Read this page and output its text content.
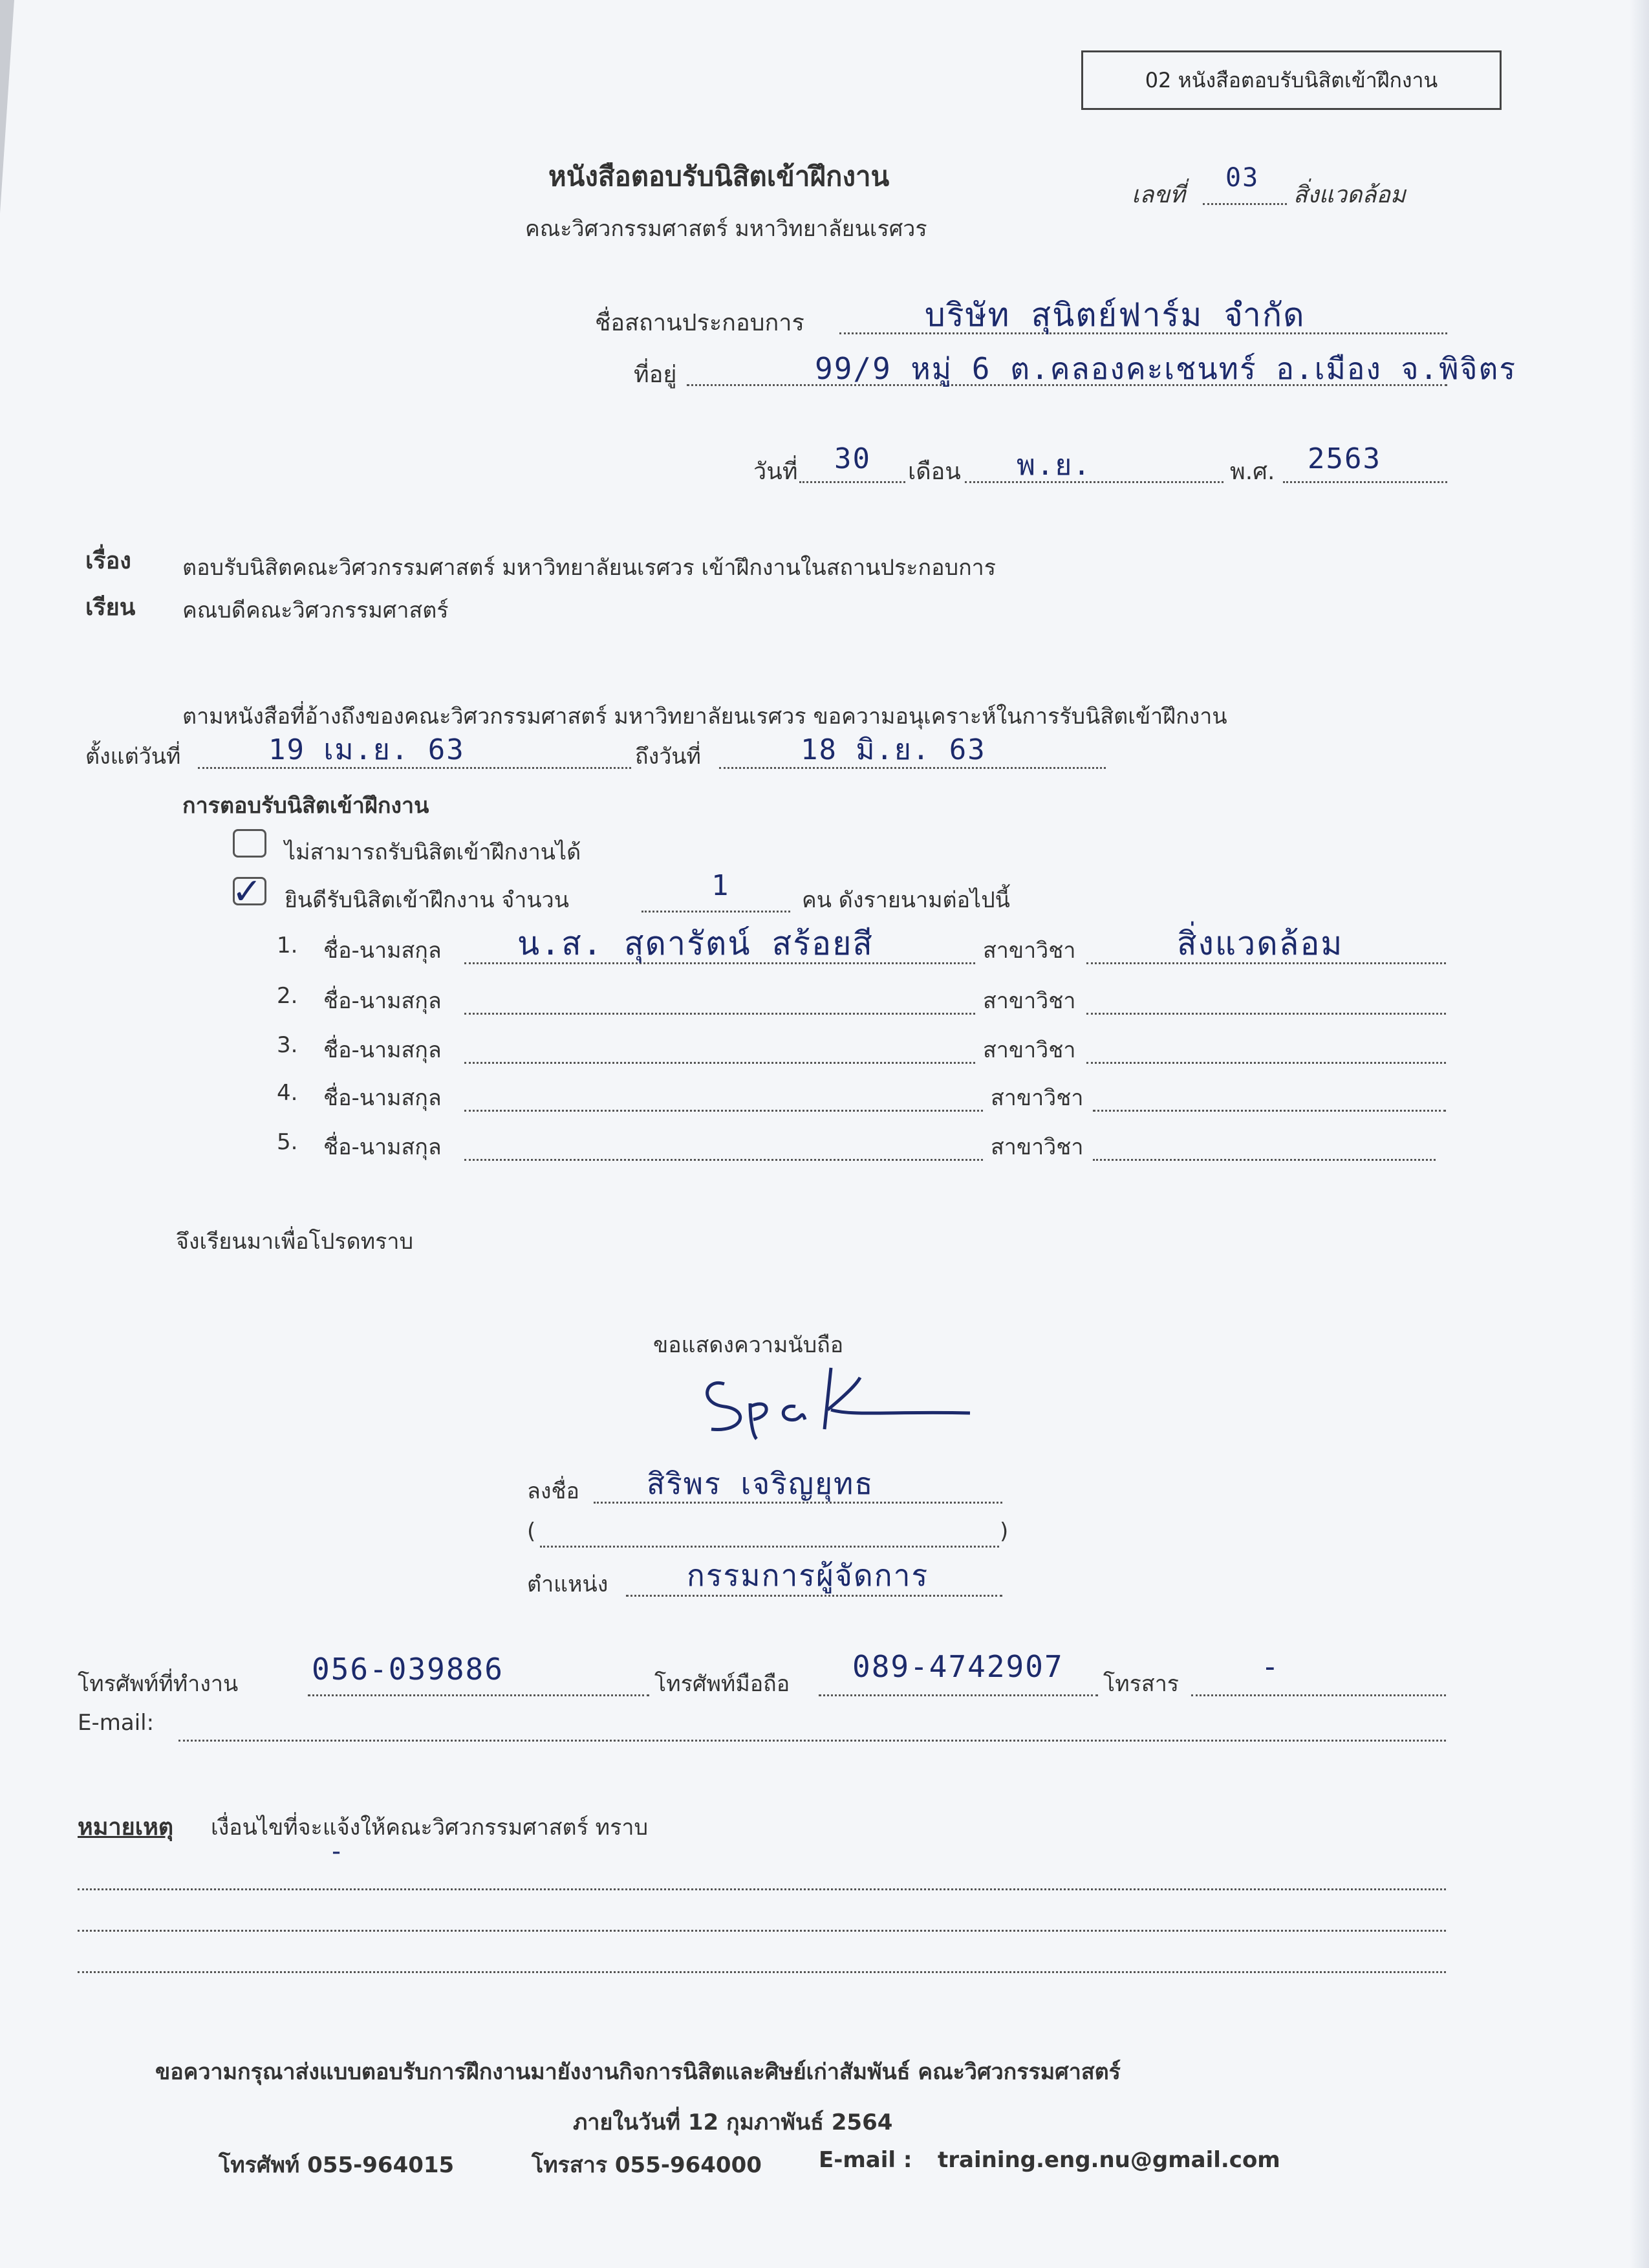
02 หนังสือตอบรับนิสิตเข้าฝึกงาน
หนังสือตอบรับนิสิตเข้าฝึกงาน
คณะวิศวกรรมศาสตร์ มหาวิทยาลัยนเรศวร
เลขที่
03
สิ่งแวดล้อม
ชื่อสถานประกอบการ	บริษัท สุนิตย์ฟาร์ม จำกัด
ที่อยู่	99/9 หมู่ 6 ต.คลองคะเชนทร์ อ.เมือง จ.พิจิตร
วันที่ 30 เดือน พ.ย.	พ.ศ. 2563
เรื่อง ตอบรับนิสิตคณะวิศวกรรมศาสตร์ มหาวิทยาลัยนเรศวร เข้าฝึกงานในสถานประกอบการ
เรียน คณบดีคณะวิศวกรรมศาสตร์
ตามหนังสือที่อ้างถึงของคณะวิศวกรรมศาสตร์ มหาวิทยาลัยนเรศวร ขอความอนุเคราะห์ในการรับนิสิตเข้าฝึกงาน
ตั้งแต่วันที่	19 เม.ย. 63	ถึงวันที่	18 มิ.ย. 63
การตอบรับนิสิตเข้าฝึกงาน
ไม่สามารถรับนิสิตเข้าฝึกงานได้
✓ ยินดีรับนิสิตเข้าฝึกงาน จำนวน	1	คน ดังรายนามต่อไปนี้
1. ชื่อ-นามสกุล น.ส. สุดารัตน์ สร้อยสี	สาขาวิชา	สิ่งแวดล้อม
2. ชื่อ-นามสกุล	สาขาวิชา
3. ชื่อ-นามสกุล	สาขาวิชา
4. ชื่อ-นามสกุล	สาขาวิชา
5. ชื่อ-นามสกุล	สาขาวิชา
จึงเรียนมาเพื่อโปรดทราบ
ขอแสดงความนับถือ
ลงชื่อ สิริพร เจริญยุทธ
(	)
ตำแหน่ง	กรรมการผู้จัดการ
โทรศัพท์ที่ทำงาน 056-039886	โทรศัพท์มือถือ 089-4742907 โทรสาร	-
E-mail:
หมายเหตุ เงื่อนไขที่จะแจ้งให้คณะวิศวกรรมศาสตร์ ทราบ
-
ขอความกรุณาส่งแบบตอบรับการฝึกงานมายังงานกิจการนิสิตและศิษย์เก่าสัมพันธ์ คณะวิศวกรรมศาสตร์
ภายในวันที่ 12 กุมภาพันธ์ 2564
โทรศัพท์ 055-964015	โทรสาร 055-964000	E-mail : training.eng.nu@gmail.com
